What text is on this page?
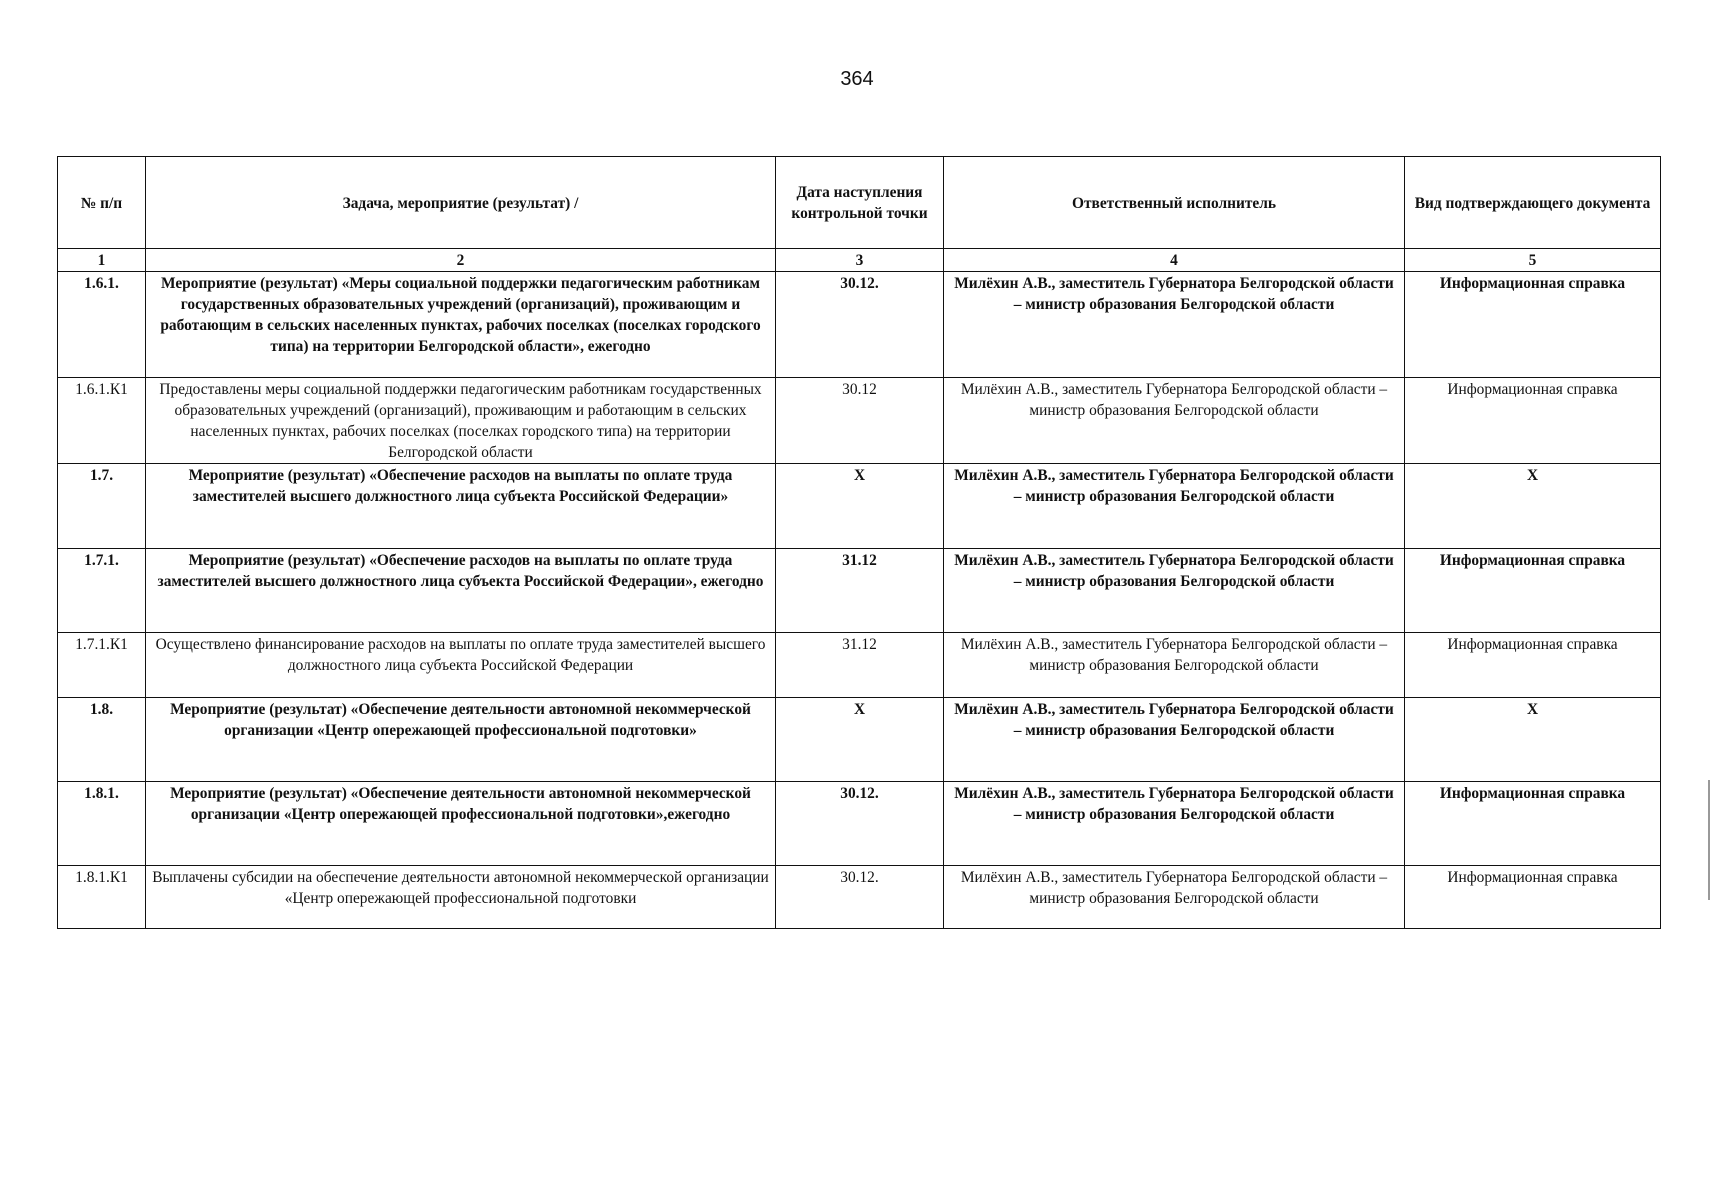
364
№ п/п	Задача, мероприятие (результат) /	Дата наступления контрольной точки	Ответственный исполнитель	Вид подтверждающего документа
1	2	3	4	5
1.6.1.	Мероприятие (результат) «Меры социальной поддержки педагогическим работникам государственных образовательных учреждений (организаций), проживающим и работающим в сельских населенных пунктах, рабочих поселках (поселках городского типа) на территории Белгородской области», ежегодно	30.12.	Милёхин А.В., заместитель Губернатора Белгородской области – министр образования Белгородской области	Информационная справка
1.6.1.К1	Предоставлены меры социальной поддержки педагогическим работникам государственных образовательных учреждений (организаций), проживающим и работающим в сельских населенных пунктах, рабочих поселках (поселках городского типа) на территории Белгородской области	30.12	Милёхин А.В., заместитель Губернатора Белгородской области – министр образования Белгородской области	Информационная справка
1.7.	Мероприятие (результат) «Обеспечение расходов на выплаты по оплате труда заместителей высшего должностного лица субъекта Российской Федерации»	X	Милёхин А.В., заместитель Губернатора Белгородской области – министр образования Белгородской области	X
1.7.1.	Мероприятие (результат) «Обеспечение расходов на выплаты по оплате труда заместителей высшего должностного лица субъекта Российской Федерации», ежегодно	31.12	Милёхин А.В., заместитель Губернатора Белгородской области – министр образования Белгородской области	Информационная справка
1.7.1.К1	Осуществлено финансирование расходов на выплаты по оплате труда заместителей высшего должностного лица субъекта Российской Федерации	31.12	Милёхин А.В., заместитель Губернатора Белгородской области – министр образования Белгородской области	Информационная справка
1.8.	Мероприятие (результат) «Обеспечение деятельности автономной некоммерческой организации «Центр опережающей профессиональной подготовки»	X	Милёхин А.В., заместитель Губернатора Белгородской области – министр образования Белгородской области	X
1.8.1.	Мероприятие (результат) «Обеспечение деятельности автономной некоммерческой организации «Центр опережающей профессиональной подготовки»,ежегодно	30.12.	Милёхин А.В., заместитель Губернатора Белгородской области – министр образования Белгородской области	Информационная справка
1.8.1.К1	Выплачены субсидии на обеспечение деятельности автономной некоммерческой организации «Центр опережающей профессиональной подготовки	30.12.	Милёхин А.В., заместитель Губернатора Белгородской области – министр образования Белгородской области	Информационная справка
